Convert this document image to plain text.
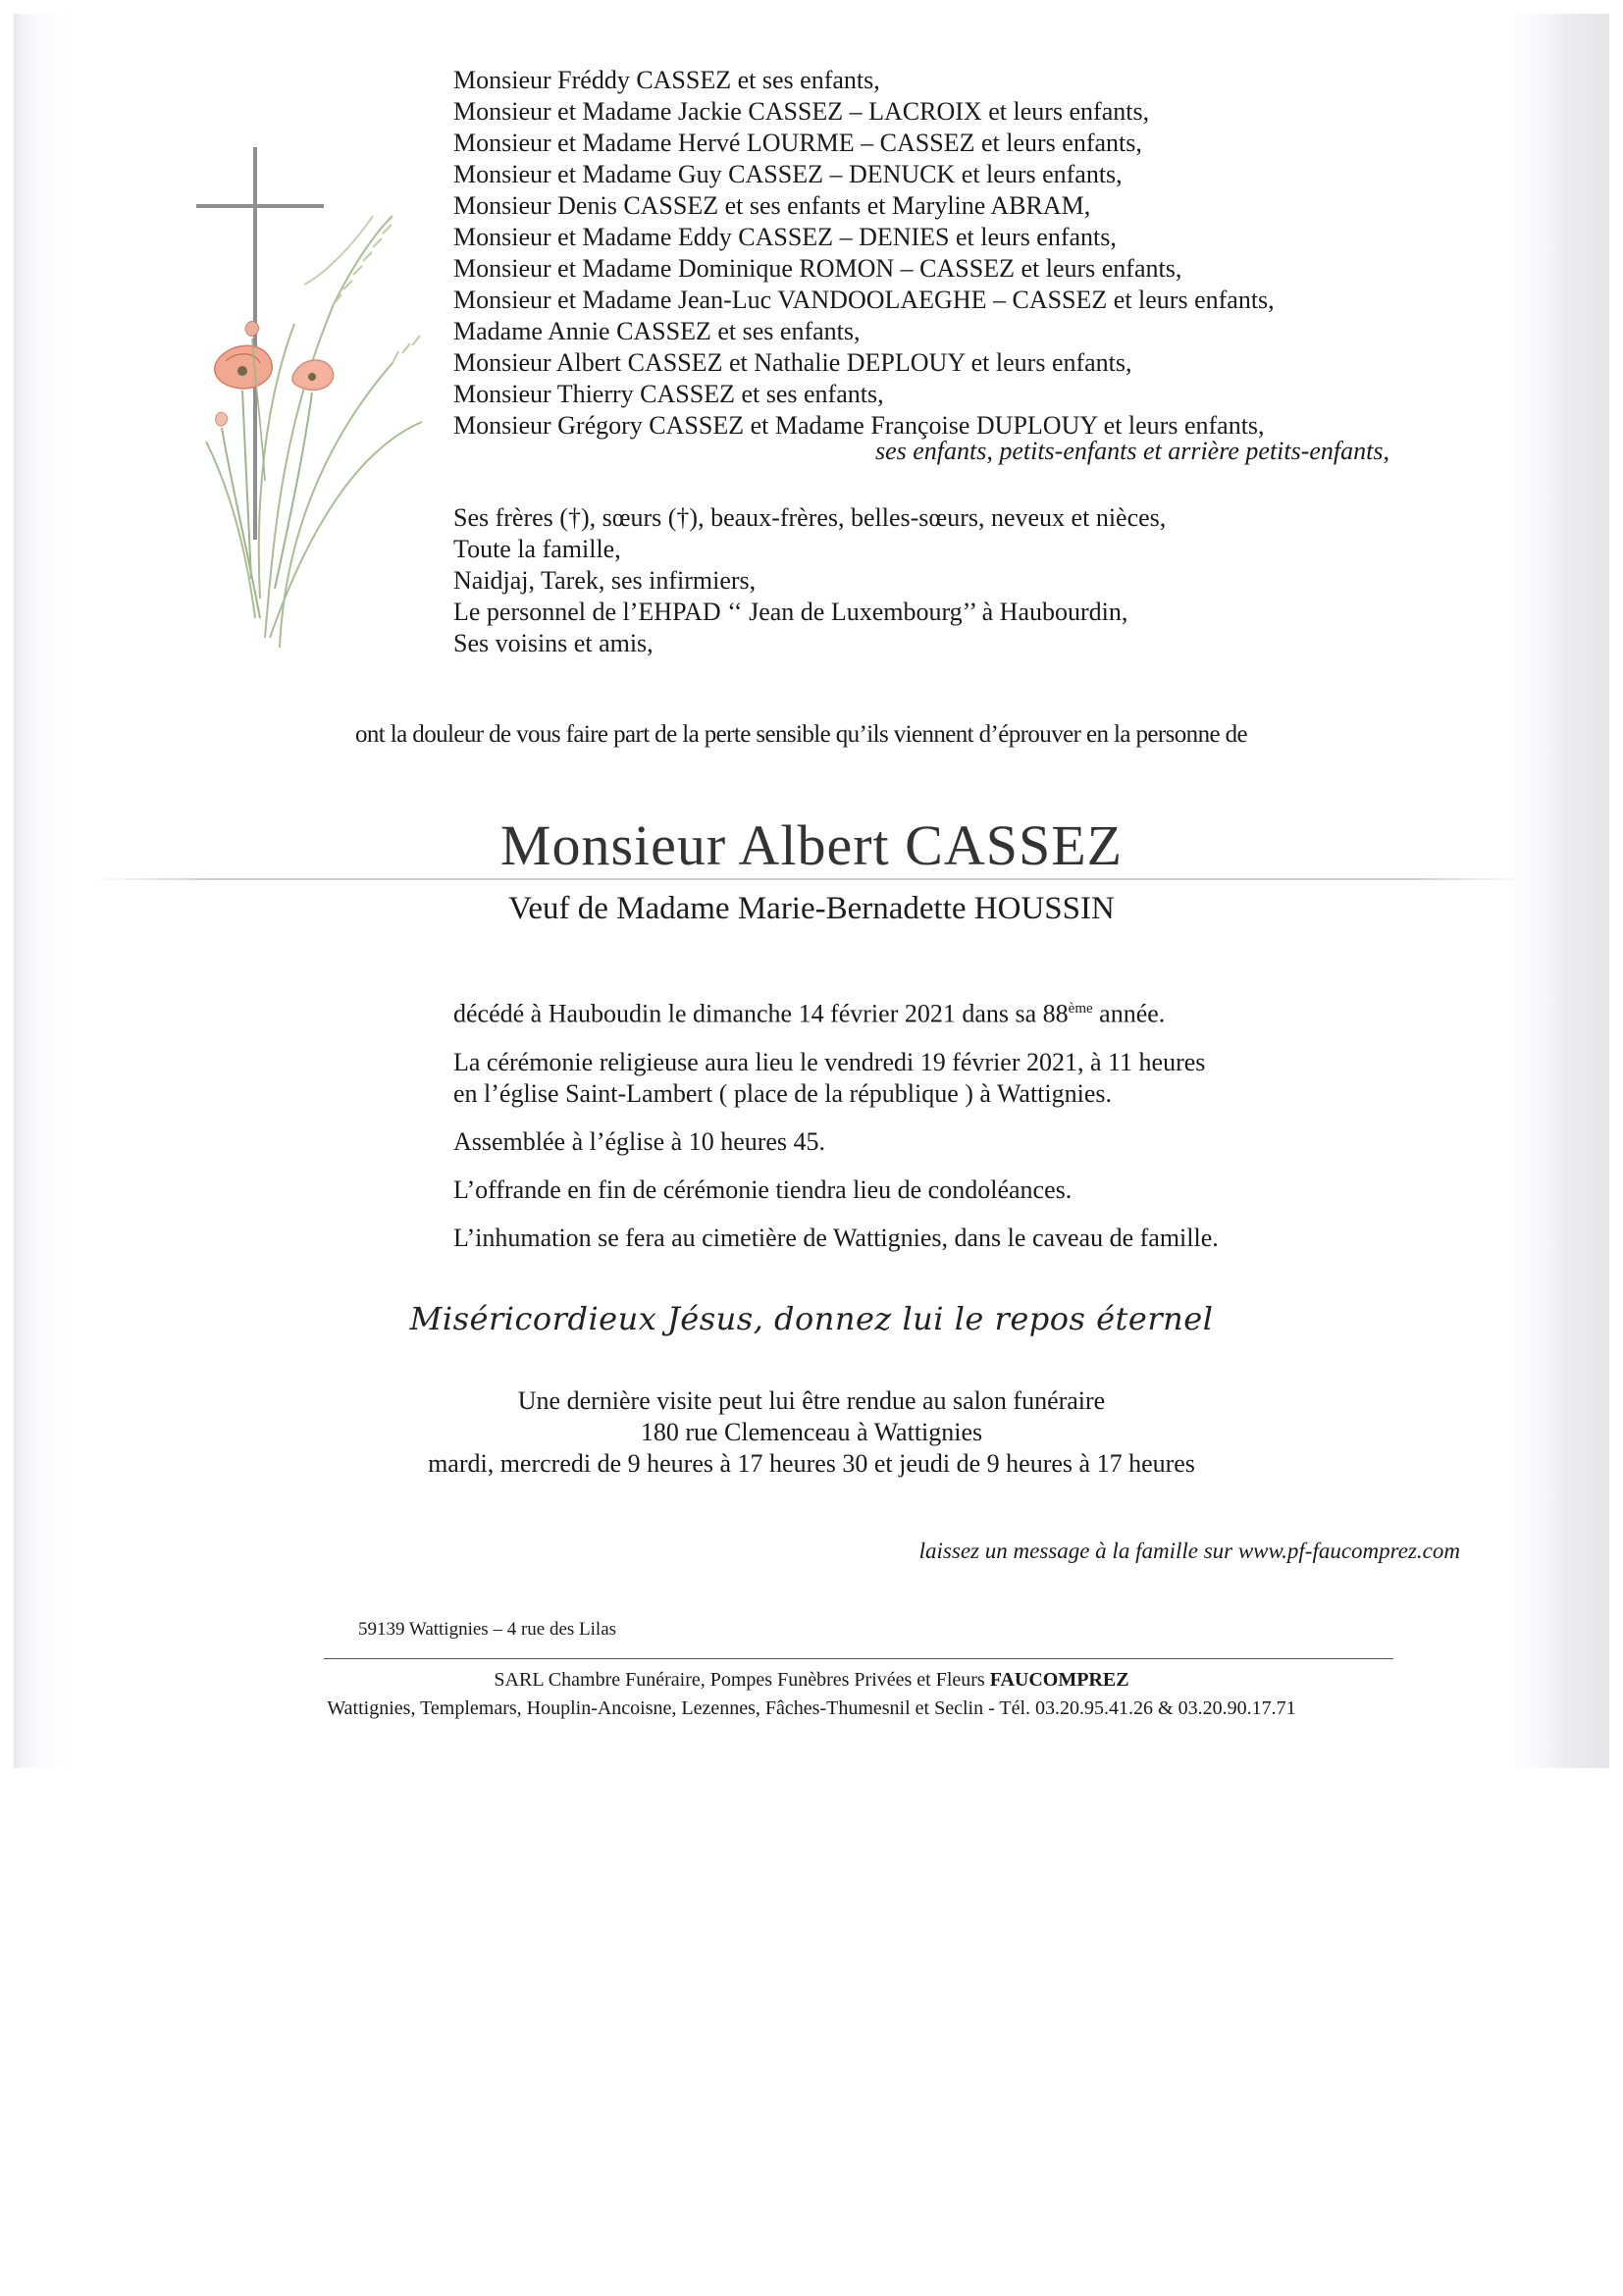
Monsieur Fréddy CASSEZ et ses enfants,
Monsieur et Madame Jackie CASSEZ – LACROIX et leurs enfants,
Monsieur et Madame Hervé LOURME – CASSEZ et leurs enfants,
Monsieur et Madame Guy CASSEZ – DENUCK et leurs enfants,
Monsieur Denis CASSEZ et ses enfants et Maryline ABRAM,
Monsieur et Madame Eddy CASSEZ – DENIES et leurs enfants,
Monsieur et Madame Dominique ROMON – CASSEZ et leurs enfants,
Monsieur et Madame Jean-Luc VANDOOLAEGHE – CASSEZ et leurs enfants,
Madame Annie CASSEZ et ses enfants,
Monsieur Albert CASSEZ et Nathalie DEPLOUY et leurs enfants,
Monsieur Thierry CASSEZ et ses enfants,
Monsieur Grégory CASSEZ et Madame Françoise DUPLOUY et leurs enfants,
ses enfants, petits-enfants et arrière petits-enfants,
Ses frères (†), sœurs (†), beaux-frères, belles-sœurs, neveux et nièces,
Toute la famille,
Naidjaj, Tarek, ses infirmiers,
Le personnel de l’EHPAD ‘‘ Jean de Luxembourg’’ à Haubourdin,
Ses voisins et amis,
ont la douleur de vous faire part de la perte sensible qu’ils viennent d’éprouver en la personne de
Monsieur Albert CASSEZ
Veuf de Madame Marie-Bernadette HOUSSIN

décédé à Hauboudin le dimanche 14 février 2021 dans sa 88ème année.

La cérémonie religieuse aura lieu le vendredi 19 février 2021, à 11 heures
en l’église Saint-Lambert ( place de la république ) à Wattignies.

Assemblée à l’église à 10 heures 45.

L’offrande en fin de cérémonie tiendra lieu de condoléances.

L’inhumation se fera au cimetière de Wattignies, dans le caveau de famille.

Miséricordieux Jésus, donnez lui le repos éternel
Une dernière visite peut lui être rendue au salon funéraire
180 rue Clemenceau à Wattignies
mardi, mercredi de 9 heures à 17 heures 30 et jeudi de 9 heures à 17 heures
laissez un message à la famille sur www.pf-faucomprez.com
59139 Wattignies – 4 rue des Lilas
SARL Chambre Funéraire, Pompes Funèbres Privées et Fleurs FAUCOMPREZ
Wattignies, Templemars, Houplin-Ancoisne, Lezennes, Fâches-Thumesnil et Seclin - Tél. 03.20.95.41.26 & 03.20.90.17.71
